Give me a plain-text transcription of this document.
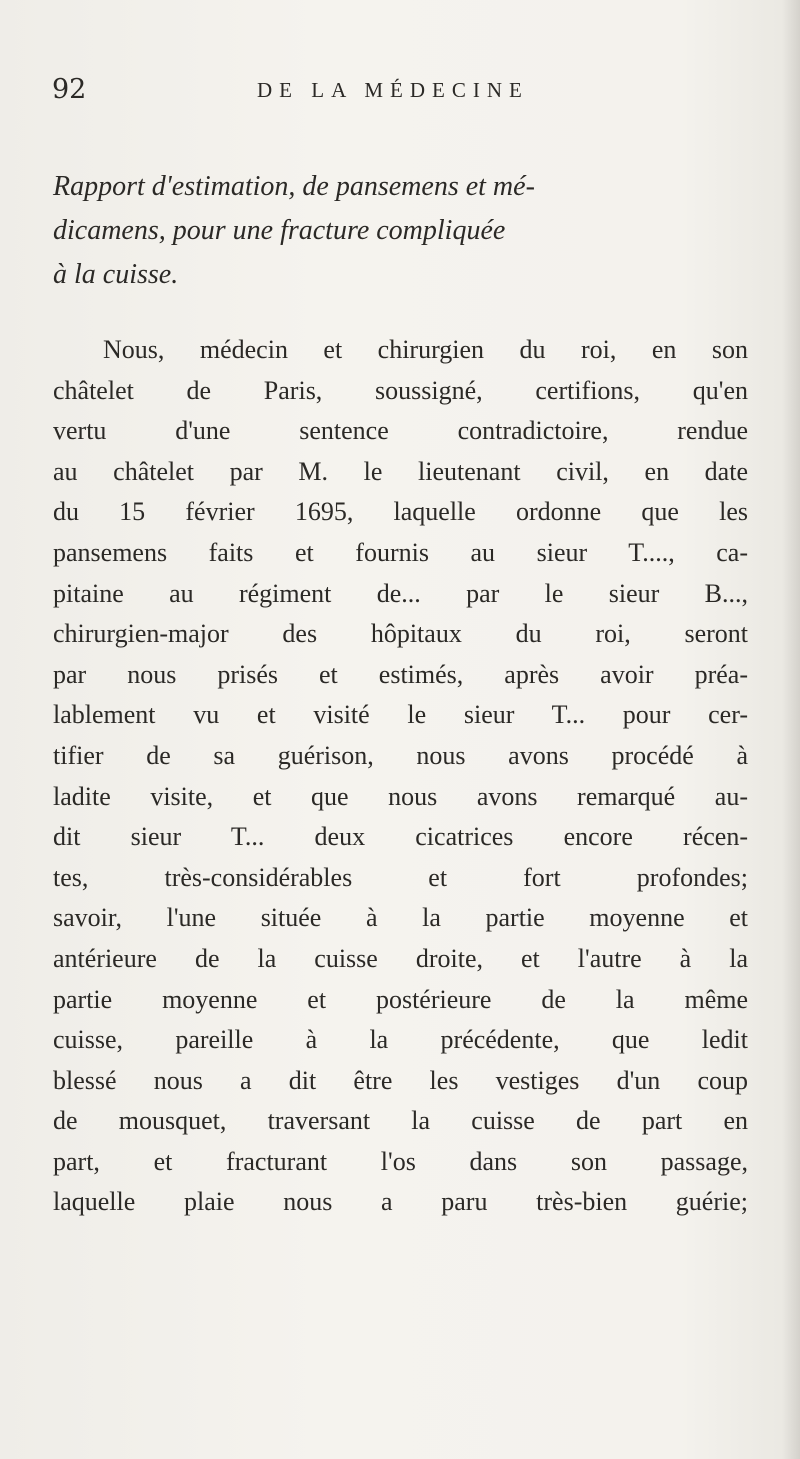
92	DE LA MÉDECINE
Rapport d'estimation, de pansemens et mé-
dicamens, pour une fracture compliquée
à la cuisse.
Nous, médecin et chirurgien du roi, en son
châtelet de Paris, soussigné, certifions, qu'en
vertu d'une sentence contradictoire, rendue
au châtelet par M. le lieutenant civil, en date
du 15 février 1695, laquelle ordonne que les
pansemens faits et fournis au sieur T...., ca-
pitaine au régiment de... par le sieur B...,
chirurgien-major des hôpitaux du roi, seront
par nous prisés et estimés, après avoir préa-
lablement vu et visité le sieur T... pour cer-
tifier de sa guérison, nous avons procédé à
ladite visite, et que nous avons remarqué au-
dit sieur T... deux cicatrices encore récen-
tes, très-considérables et fort profondes;
savoir, l'une située à la partie moyenne et
antérieure de la cuisse droite, et l'autre à la
partie moyenne et postérieure de la même
cuisse, pareille à la précédente, que ledit
blessé nous a dit être les vestiges d'un coup
de mousquet, traversant la cuisse de part en
part, et fracturant l'os dans son passage,
laquelle plaie nous a paru très-bien guérie;
